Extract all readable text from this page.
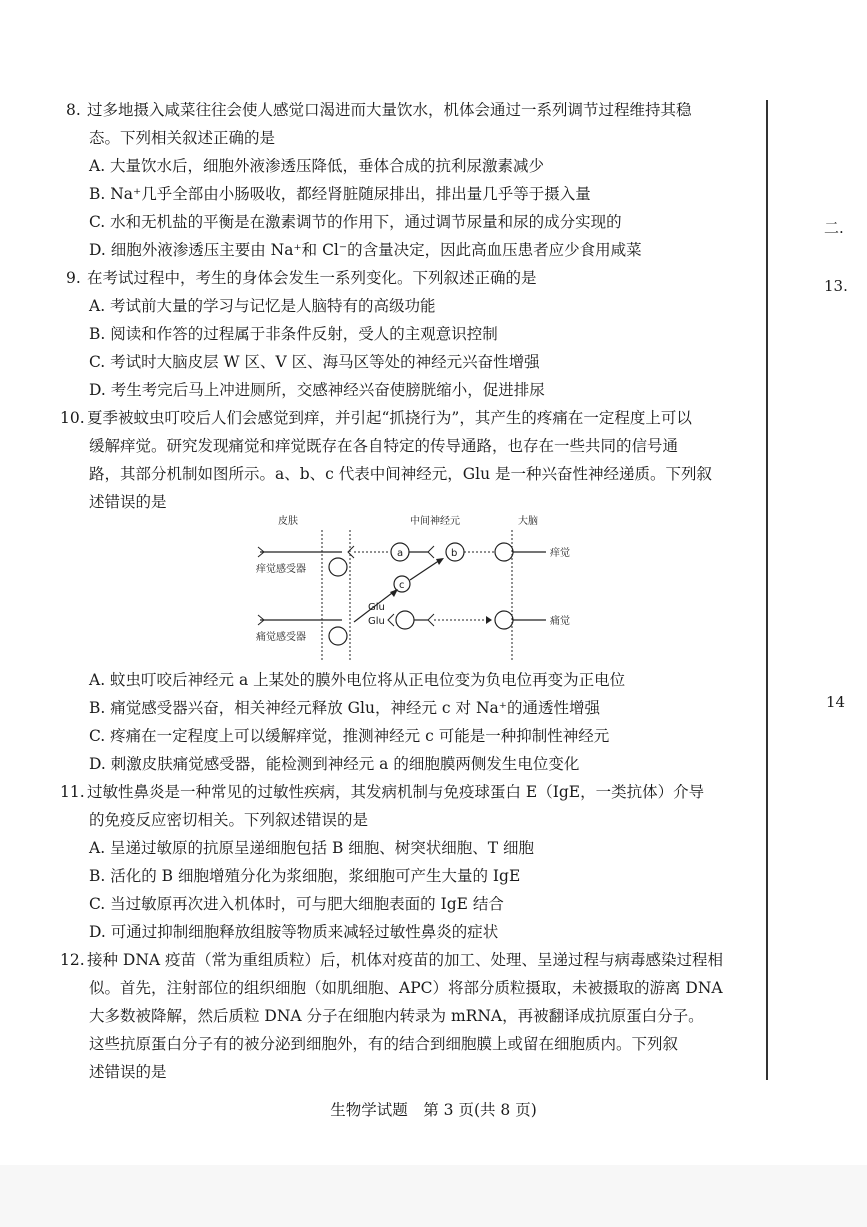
8. 过多地摄入咸菜往往会使人感觉口渴进而大量饮水，机体会通过一系列调节过程维持其稳
态。下列相关叙述正确的是
A. 大量饮水后，细胞外液渗透压降低，垂体合成的抗利尿激素减少
B. Na⁺几乎全部由小肠吸收，都经肾脏随尿排出，排出量几乎等于摄入量
C. 水和无机盐的平衡是在激素调节的作用下，通过调节尿量和尿的成分实现的
D. 细胞外液渗透压主要由 Na⁺和 Cl⁻的含量决定，因此高血压患者应少食用咸菜
9. 在考试过程中，考生的身体会发生一系列变化。下列叙述正确的是
A. 考试前大量的学习与记忆是人脑特有的高级功能
B. 阅读和作答的过程属于非条件反射，受人的主观意识控制
C. 考试时大脑皮层 W 区、V 区、海马区等处的神经元兴奋性增强
D. 考生考完后马上冲进厕所，交感神经兴奋使膀胱缩小，促进排尿
10. 夏季被蚊虫叮咬后人们会感觉到痒，并引起“抓挠行为”，其产生的疼痛在一定程度上可以
缓解痒觉。研究发现痛觉和痒觉既存在各自特定的传导通路，也存在一些共同的信号通
路，其部分机制如图所示。a、b、c 代表中间神经元，Glu 是一种兴奋性神经递质。下列叙
述错误的是
皮肤	中间神经元	大脑
痒觉感受器
a	b	痒觉
c
Glu
痛觉感受器
Glu	痛觉
A. 蚊虫叮咬后神经元 a 上某处的膜外电位将从正电位变为负电位再变为正电位
B. 痛觉感受器兴奋，相关神经元释放 Glu，神经元 c 对 Na⁺的通透性增强
C. 疼痛在一定程度上可以缓解痒觉，推测神经元 c 可能是一种抑制性神经元
D. 刺激皮肤痛觉感受器，能检测到神经元 a 的细胞膜两侧发生电位变化
11. 过敏性鼻炎是一种常见的过敏性疾病，其发病机制与免疫球蛋白 E（IgE，一类抗体）介导
的免疫反应密切相关。下列叙述错误的是
A. 呈递过敏原的抗原呈递细胞包括 B 细胞、树突状细胞、T 细胞
B. 活化的 B 细胞增殖分化为浆细胞，浆细胞可产生大量的 IgE
C. 当过敏原再次进入机体时，可与肥大细胞表面的 IgE 结合
D. 可通过抑制细胞释放组胺等物质来减轻过敏性鼻炎的症状
12. 接种 DNA 疫苗（常为重组质粒）后，机体对疫苗的加工、处理、呈递过程与病毒感染过程相
似。首先，注射部位的组织细胞（如肌细胞、APC）将部分质粒摄取，未被摄取的游离 DNA
大多数被降解，然后质粒 DNA 分子在细胞内转录为 mRNA，再被翻译成抗原蛋白分子。
这些抗原蛋白分子有的被分泌到细胞外，有的结合到细胞膜上或留在细胞质内。下列叙
述错误的是
二.
13.
14
生物学试题　第 3 页(共 8 页)
